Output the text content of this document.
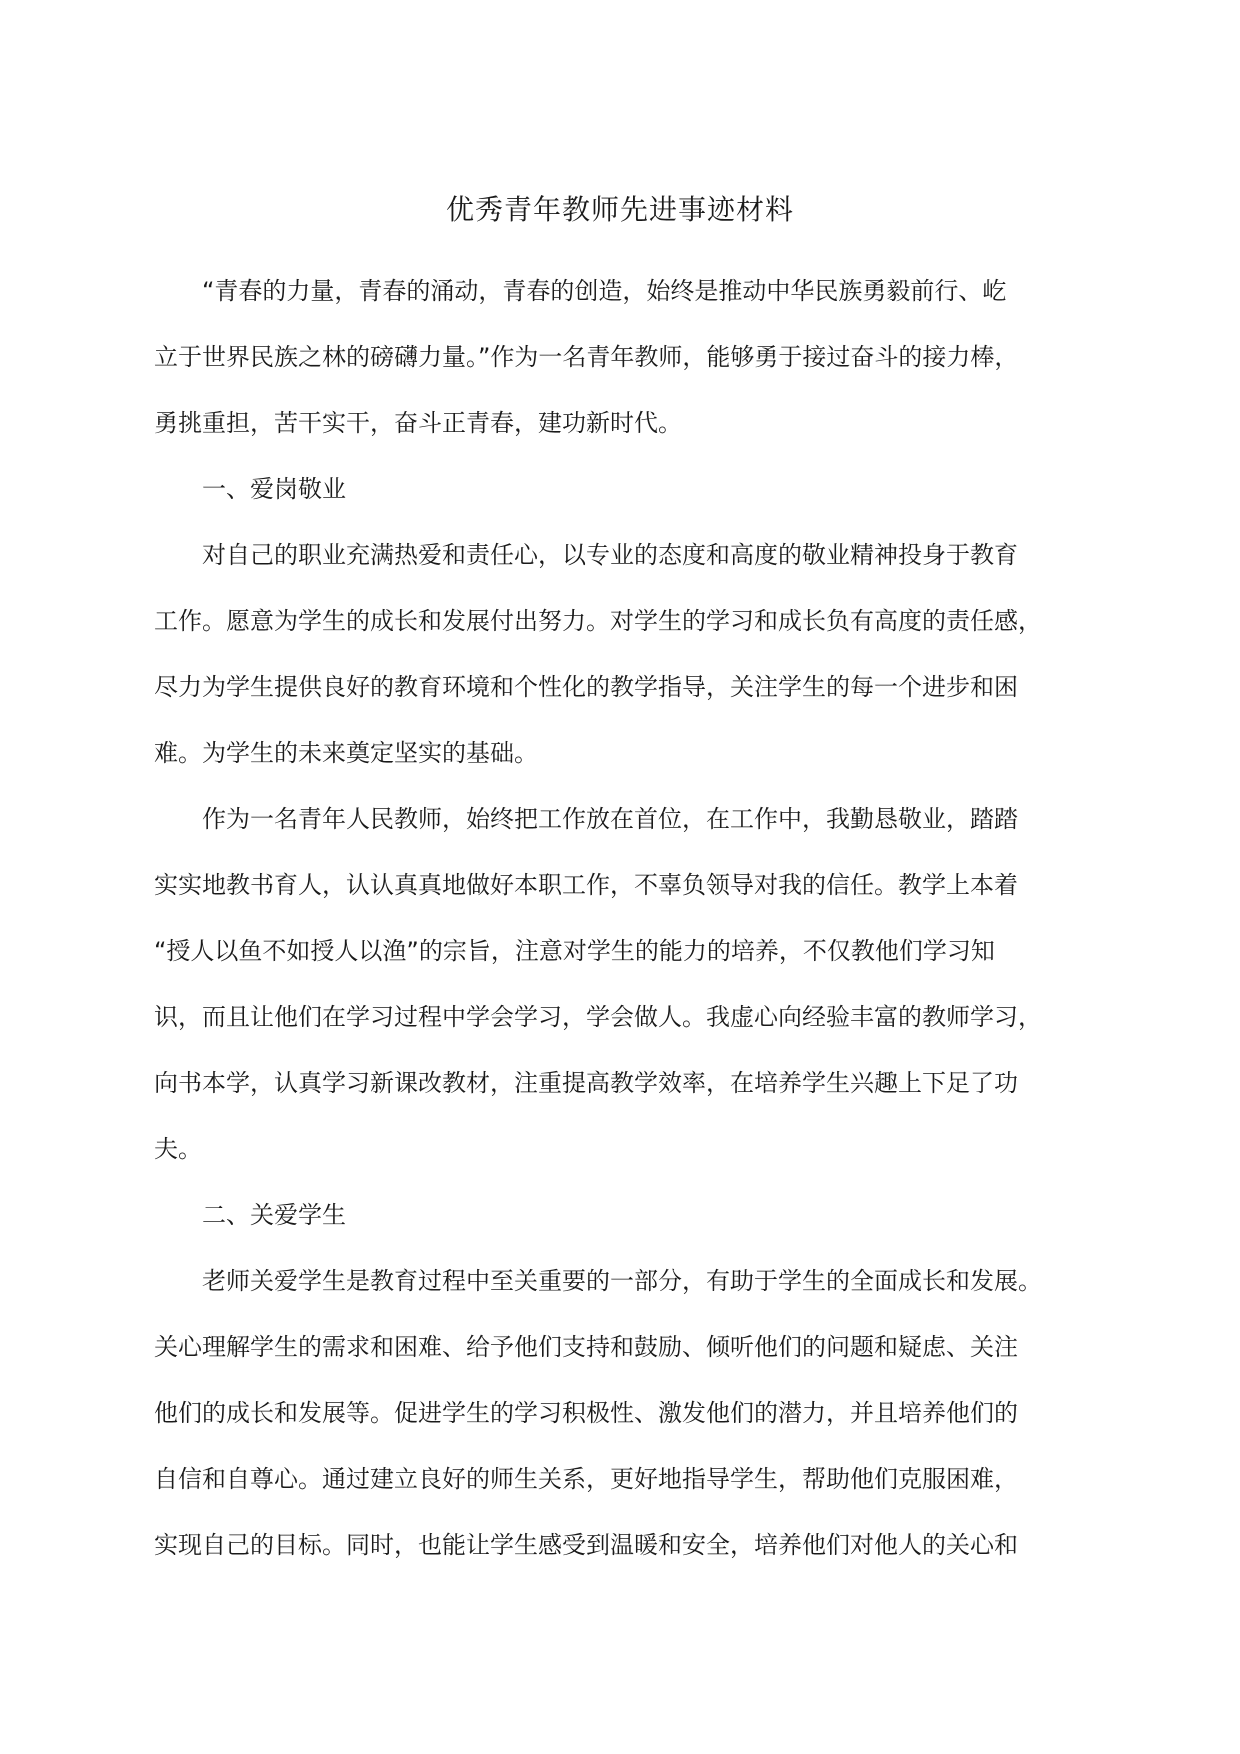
优秀青年教师先进事迹材料
“青春的力量，青春的涌动，青春的创造，始终是推动中华民族勇毅前行、屹
立于世界民族之林的磅礴力量。”作为一名青年教师，能够勇于接过奋斗的接力棒，
勇挑重担，苦干实干，奋斗正青春，建功新时代。
一、爱岗敬业
对自己的职业充满热爱和责任心，以专业的态度和高度的敬业精神投身于教育
工作。愿意为学生的成长和发展付出努力。对学生的学习和成长负有高度的责任感，
尽力为学生提供良好的教育环境和个性化的教学指导，关注学生的每一个进步和困
难。为学生的未来奠定坚实的基础。
作为一名青年人民教师，始终把工作放在首位，在工作中，我勤恳敬业，踏踏
实实地教书育人，认认真真地做好本职工作，不辜负领导对我的信任。教学上本着
“授人以鱼不如授人以渔”的宗旨，注意对学生的能力的培养，不仅教他们学习知
识，而且让他们在学习过程中学会学习，学会做人。我虚心向经验丰富的教师学习，
向书本学，认真学习新课改教材，注重提高教学效率，在培养学生兴趣上下足了功
夫。
二、关爱学生
老师关爱学生是教育过程中至关重要的一部分，有助于学生的全面成长和发展。
关心理解学生的需求和困难、给予他们支持和鼓励、倾听他们的问题和疑虑、关注
他们的成长和发展等。促进学生的学习积极性、激发他们的潜力，并且培养他们的
自信和自尊心。通过建立良好的师生关系，更好地指导学生，帮助他们克服困难，
实现自己的目标。同时，也能让学生感受到温暖和安全，培养他们对他人的关心和
